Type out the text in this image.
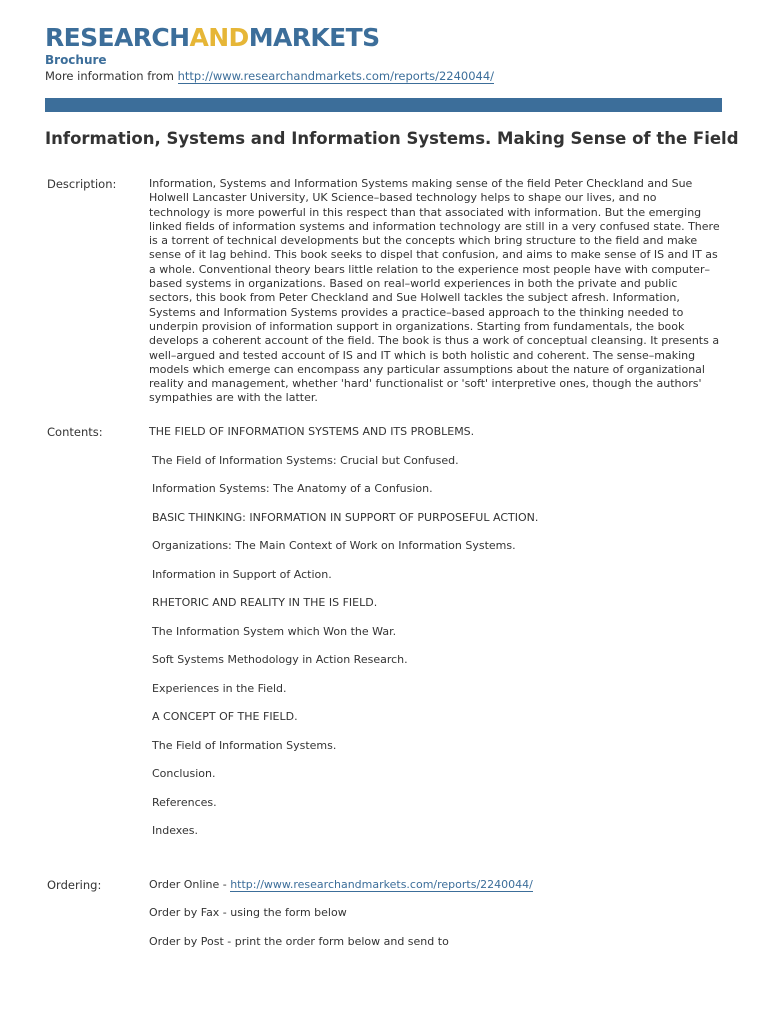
RESEARCHANDMARKETS
Brochure
More information from http://www.researchandmarkets.com/reports/2240044/
Information, Systems and Information Systems. Making Sense of the Field
Description:	Information, Systems and Information Systems making sense of the field Peter Checkland and Sue Holwell Lancaster University, UK Science–based technology helps to shape our lives, and no technology is more powerful in this respect than that associated with information. But the emerging linked fields of information systems and information technology are still in a very confused state. There is a torrent of technical developments but the concepts which bring structure to the field and make sense of it lag behind. This book seeks to dispel that confusion, and aims to make sense of IS and IT as a whole. Conventional theory bears little relation to the experience most people have with computer–based systems in organizations. Based on real–world experiences in both the private and public sectors, this book from Peter Checkland and Sue Holwell tackles the subject afresh. Information, Systems and Information Systems provides a practice–based approach to the thinking needed to underpin provision of information support in organizations. Starting from fundamentals, the book develops a coherent account of the field. The book is thus a work of conceptual cleansing. It presents a well–argued and tested account of IS and IT which is both holistic and coherent. The sense–making models which emerge can encompass any particular assumptions about the nature of organizational reality and management, whether 'hard' functionalist or 'soft' interpretive ones, though the authors' sympathies are with the latter.
Contents:	THE FIELD OF INFORMATION SYSTEMS AND ITS PROBLEMS.
The Field of Information Systems: Crucial but Confused.
Information Systems: The Anatomy of a Confusion.
BASIC THINKING: INFORMATION IN SUPPORT OF PURPOSEFUL ACTION.
Organizations: The Main Context of Work on Information Systems.
Information in Support of Action.
RHETORIC AND REALITY IN THE IS FIELD.
The Information System which Won the War.
Soft Systems Methodology in Action Research.
Experiences in the Field.
A CONCEPT OF THE FIELD.
The Field of Information Systems.
Conclusion.
References.
Indexes.
Ordering:	Order Online - http://www.researchandmarkets.com/reports/2240044/
Order by Fax - using the form below
Order by Post - print the order form below and send to
